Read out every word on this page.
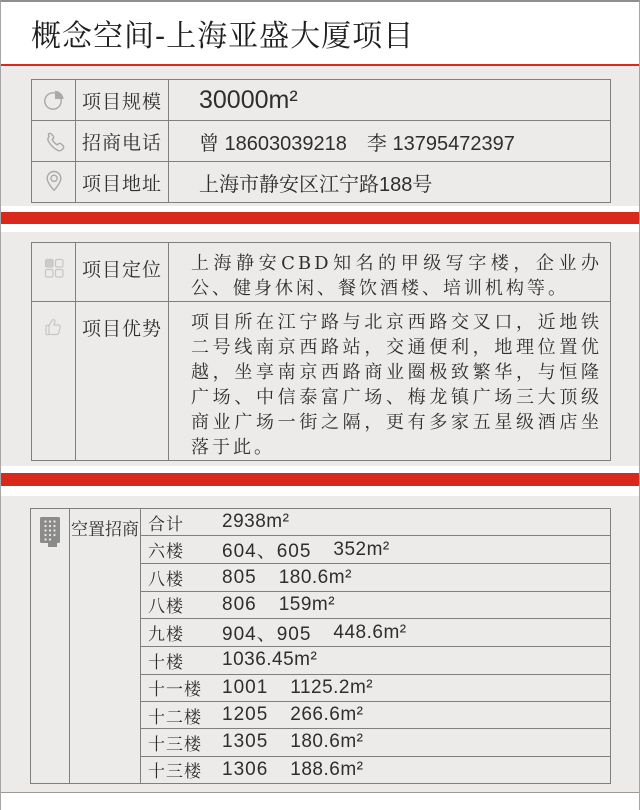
概念空间-上海亚盛大厦项目
	项目规模	30000m²
	招商电话	曾 18603039218　李 13795472397
	项目地址	上海市静安区江宁路188号
	项目定位	上海静安CBD知名的甲级写字楼，企业办公、健身休闲、餐饮酒楼、培训机构等。
	项目优势	项目所在江宁路与北京西路交叉口，近地铁二号线南京西路站，交通便利，地理位置优越，坐享南京西路商业圈极致繁华，与恒隆广场、中信泰富广场、梅龙镇广场三大顶级商业广场一街之隔，更有多家五星级酒店坐落于此。
空置招商 合计	2938m²
六楼	604、605 352m²
八楼	805 180.6m²
八楼	806 159m²
九楼	904、905 448.6m²
十楼	1036.45m²
十一楼	1001 1125.2m²
十二楼	1205 266.6m²
十三楼	1305 180.6m²
十三楼	1306 188.6m²
